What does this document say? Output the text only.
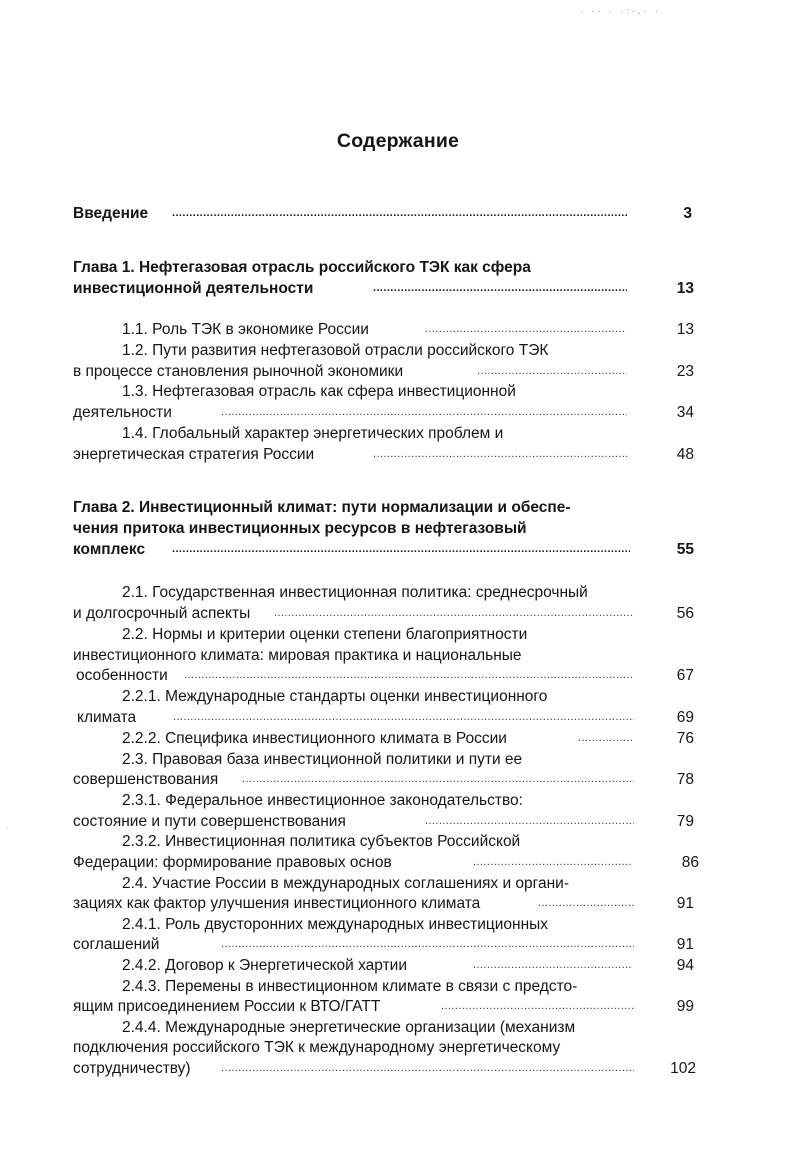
· ·· · ·:·.· ·
·
Содержание
Введение .....	3
Глава 1. Нефтегазовая отрасль российского ТЭК как сфера
инвестиционной деятельности .....	13
1.1. Роль ТЭК в экономике России .....	13
1.2. Пути развития нефтегазовой отрасли российского ТЭК
в процессе становления рыночной экономики .....	23
1.3. Нефтегазовая отрасль как сфера инвестиционной
деятельности .....	34
1.4. Глобальный характер энергетических проблем и
энергетическая стратегия России .....	48
Глава 2. Инвестиционный климат: пути нормализации и обеспе-
чения притока инвестиционных ресурсов в нефтегазовый
комплекс .....	55
2.1. Государственная инвестиционная политика: среднесрочный
и долгосрочный аспекты .....	56
2.2. Нормы и критерии оценки степени благоприятности
инвестиционного климата: мировая практика и национальные
особенности .....	67
2.2.1. Международные стандарты оценки инвестиционного
климата .....	69
2.2.2. Специфика инвестиционного климата в России .....	76
2.3. Правовая база инвестиционной политики и пути ее
совершенствования .....	78
2.3.1. Федеральное инвестиционное законодательство:
состояние и пути совершенствования .....	79
2.3.2. Инвестиционная политика субъектов Российской
Федерации: формирование правовых основ .....	86
2.4. Участие России в международных соглашениях и органи-
зациях как фактор улучшения инвестиционного климата .....	91
2.4.1. Роль двусторонних международных инвестиционных
соглашений .....	91
2.4.2. Договор к Энергетической хартии .....	94
2.4.3. Перемены в инвестиционном климате в связи с предсто-
ящим присоединением России к ВТО/ГАТТ .....	99
2.4.4. Международные энергетические организации (механизм
подключения российского ТЭК к международному энергетическому
сотрудничеству) .....	102
